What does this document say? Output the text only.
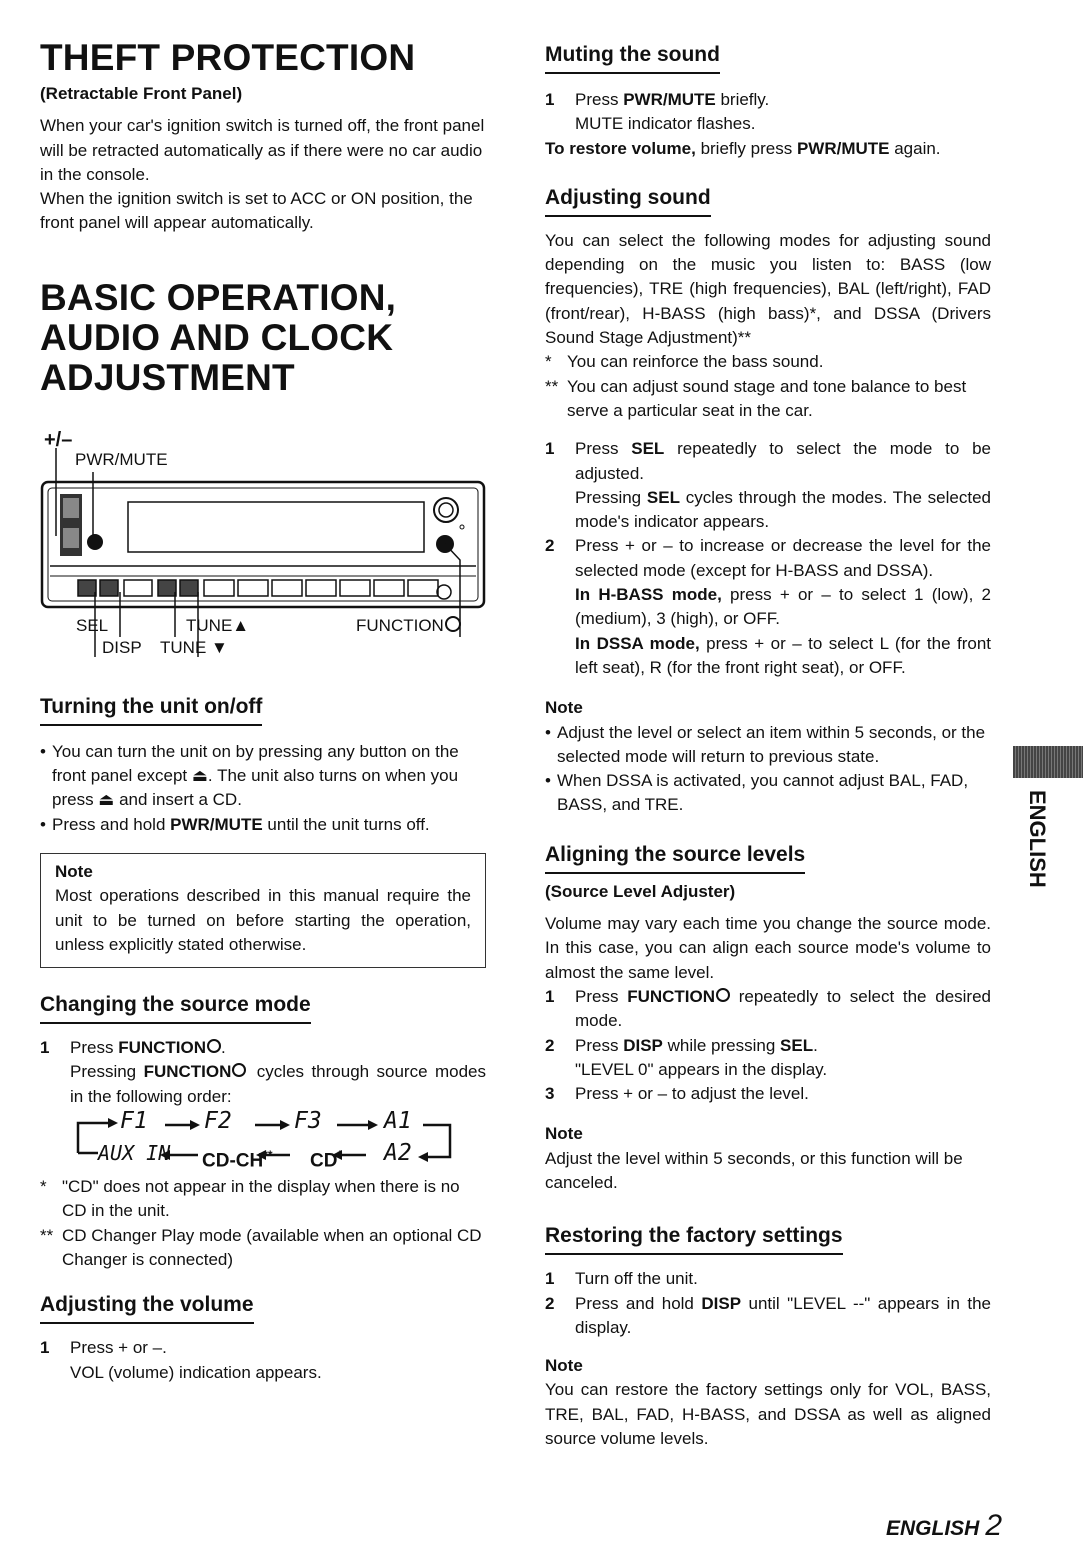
THEFT PROTECTION

(Retractable Front Panel)

When your car's ignition switch is turned off, the front panel will be retracted automatically as if there were no car audio in the console.

When the ignition switch is set to ACC or ON position, the front panel will appear automatically.

BASIC OPERATION,
AUDIO AND CLOCK
ADJUSTMENT
+/–
PWR/MUTE
SEL
DISP
TUNE▲
TUNE ▼
FUNCTION
Turning the unit on/off
• You can turn the unit on by pressing any button on the front panel except ⏏. The unit also turns on when you press ⏏ and insert a CD.
• Press and hold PWR/MUTE until the unit turns off.
Note

Most operations described in this manual require the unit to be turned on before starting the operation, unless explicitly stated otherwise.

Changing the source mode
1	Press FUNCTION .
Pressing FUNCTION cycles through source modes in the following order:
F1 F2	F3	A1
AUX IN CD-CH** CD* A2
* "CD" does not appear in the display when there is no CD in the unit.
** CD Changer Play mode (available when an optional CD Changer is connected)
Adjusting the volume
1	Press + or –.
VOL (volume) indication appears.
Muting the sound
1	Press PWR/MUTE briefly.
MUTE indicator flashes.
To restore volume, briefly press PWR/MUTE again.
Adjusting sound

You can select the following modes for adjusting sound depending on the music you listen to: BASS (low frequencies), TRE (high frequencies), BAL (left/right), FAD (front/rear), H-BASS (high bass)*, and DSSA (Drivers Sound Stage Adjustment)**

* You can reinforce the bass sound.
** You can adjust sound stage and tone balance to best serve a particular seat in the car.
1	Press SEL repeatedly to select the mode to be adjusted.
Pressing SEL cycles through the modes. The selected mode's indicator appears.
2	Press + or – to increase or decrease the level for the selected mode (except for H-BASS and DSSA).
In H-BASS mode, press + or – to select 1 (low), 2 (medium), 3 (high), or OFF.
In DSSA mode, press + or – to select L (for the front left seat), R (for the front right seat), or OFF.
Note
• Adjust the level or select an item within 5 seconds, or the selected mode will return to previous state.
• When DSSA is activated, you cannot adjust BAL, FAD, BASS, and TRE.
Aligning the source levels

(Source Level Adjuster)

Volume may vary each time you change the source mode. In this case, you can align each source mode's volume to almost the same level.

1	Press FUNCTION repeatedly to select the desired mode.
2	Press DISP while pressing SEL.
"LEVEL 0" appears in the display.
3	Press + or – to adjust the level.
Note

Adjust the level within 5 seconds, or this function will be canceled.

Restoring the factory settings
1	Turn off the unit.
2	Press and hold DISP until "LEVEL --" appears in the display.
Note

You can restore the factory settings only for VOL, BASS, TRE, BAL, FAD, H-BASS, and DSSA as well as aligned source volume levels.

ENGLISH
ENGLISH 2
